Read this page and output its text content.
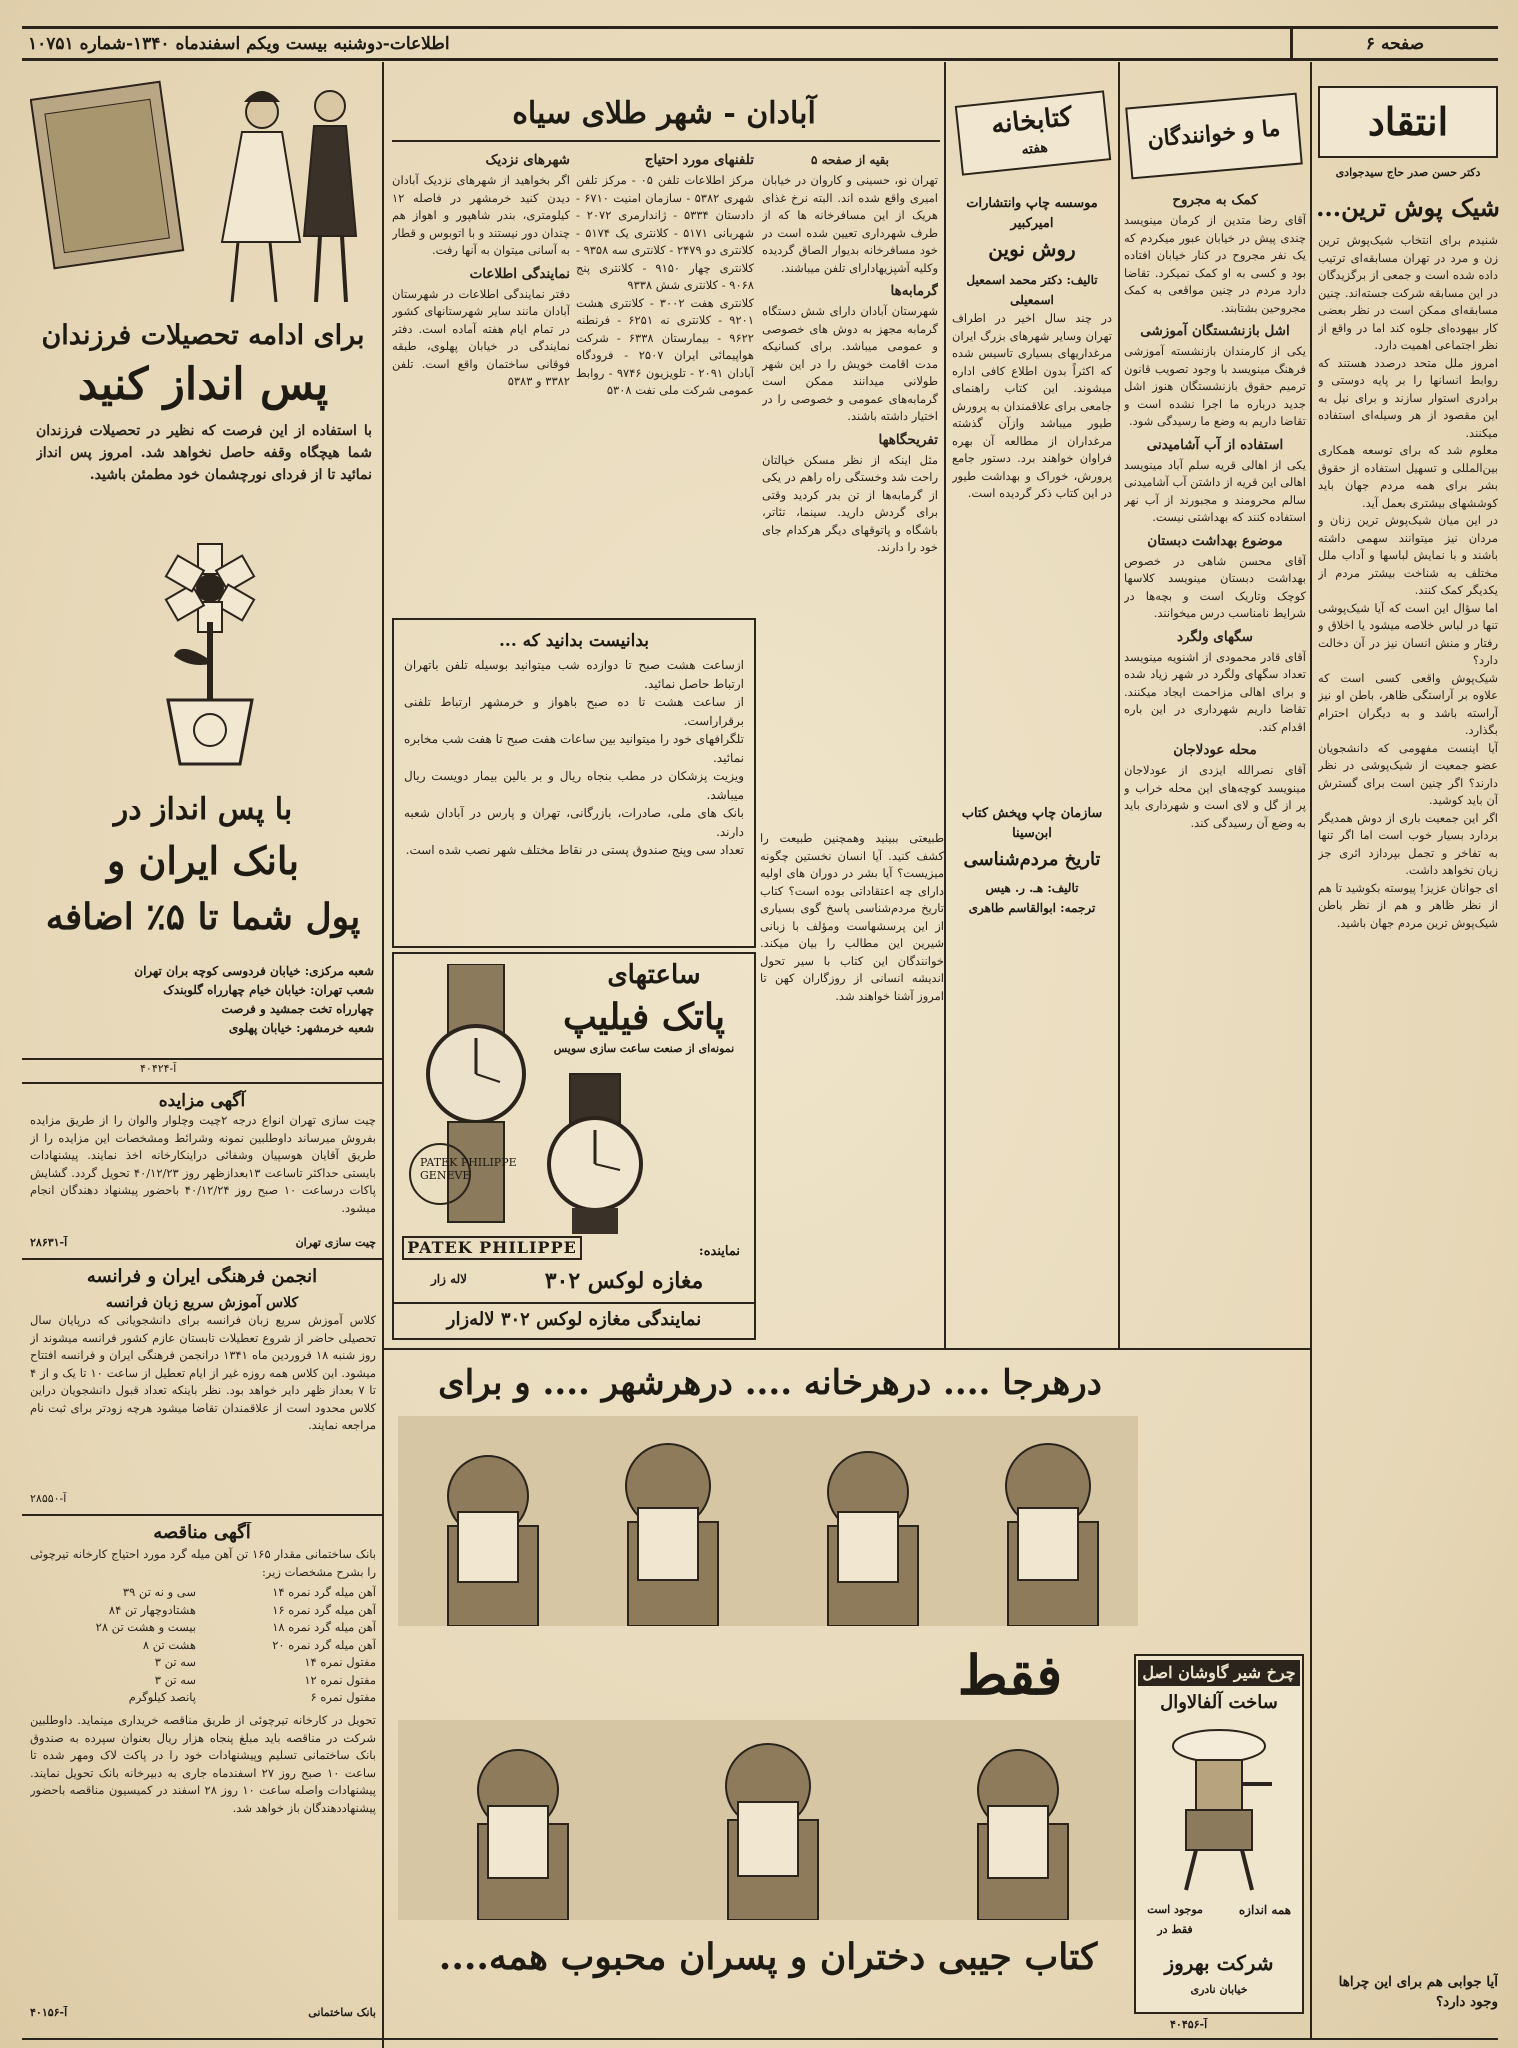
اطلاعات-دوشنبه بیست ویکم اسفندماه ۱۳۴۰-شماره ۱۰۷۵۱	صفحه ۶
برای ادامه تحصیلات فرزندان
پس انداز کنید
با استفاده از این فرصت که نظیر در تحصیلات فرزندان شما هیچگاه وقفه حاصل نخواهد شد. امروز پس انداز نمائید تا از فردای نورچشمان خود مطمئن باشید.
با پس انداز در
بانک ایران و
پول شما تا ۵٪ اضافه
شعبه مرکزی: خیابان فردوسی کوچه بران تهران
شعب تهران: خیابان خیام چهارراه گلوبندک
چهارراه تخت جمشید و فرصت
شعبه خرمشهر: خیابان پهلوی
آ-۴۰۴۲۴
آگهی مزایده
چیت سازی تهران انواع درجه ۲چیت وچلوار والوان را از طریق مزایده بفروش میرساند داوطلبین نمونه وشرائط ومشخصات این مزایده را از طریق آقایان هوسپیان وشفائی دراینکارخانه اخذ نمایند. پیشنهادات بایستی حداکثر تاساعت ۱۳بعدازظهر روز ۴۰/۱۲/۲۳ تحویل گردد. گشایش پاکات درساعت ۱۰ صبح روز ۴۰/۱۲/۲۴ باحضور پیشنهاد دهندگان انجام میشود.
چیت سازی تهران
آ-۲۸۶۳۱
انجمن فرهنگی ایران و فرانسه
کلاس آموزش سریع زبان فرانسه
کلاس آموزش سریع زبان فرانسه برای دانشجویانی که درپایان سال تحصیلی حاضر از شروع تعطیلات تابستان عازم کشور فرانسه میشوند از روز شنبه ۱۸ فروردین ماه ۱۳۴۱ درانجمن فرهنگی ایران و فرانسه افتتاح میشود. این کلاس همه روزه غیر از ایام تعطیل از ساعت ۱۰ تا یک و از ۴ تا ۷ بعداز ظهر دایر خواهد بود. نظر باینکه تعداد قبول دانشجویان دراین کلاس محدود است از علاقمندان تقاضا میشود هرچه زودتر برای ثبت نام مراجعه نمایند.
آ-۲۸۵۵۰
آگهی مناقصه
بانک ساختمانی مقدار ۱۶۵ تن آهن میله گرد مورد احتیاج کارخانه تیرچوئی را بشرح مشخصات زیر:
آهن میله گرد نمره ۱۴
آهن میله گرد نمره ۱۶
آهن میله گرد نمره ۱۸
آهن میله گرد نمره ۲۰
مفتول نمره ۱۴
مفتول نمره ۱۲
مفتول نمره ۶
سی و نه تن ۳۹
هشتادوچهار تن ۸۴
بیست و هشت تن ۲۸
هشت تن ۸
سه تن ۳
سه تن ۳
پانصد کیلوگرم
تحویل در کارخانه تیرچوئی از طریق مناقصه خریداری مینماید. داوطلبین شرکت در مناقصه باید مبلغ پنجاه هزار ریال بعنوان سپرده به صندوق بانک ساختمانی تسلیم وپیشنهادات خود را در پاکت لاک ومهر شده تا ساعت ۱۰ صبح روز ۲۷ اسفندماه جاری به دبیرخانه بانک تحویل نمایند. پیشنهادات واصله ساعت ۱۰ روز ۲۸ اسفند در کمیسیون مناقصه باحضور پیشنهاددهندگان باز خواهد شد.
بانک ساختمانی
آ-۴۰۱۵۶
آبادان - شهر طلای سیاه
بقیه از صفحه ۵
تهران نو، حسینی و کاروان در خیابان امیری واقع شده اند. البته نرخ غذای هریک از این مسافرخانه ها که از طرف شهرداری تعیین شده است در خود مسافرخانه بدیوار الصاق گردیده وکلیه آشپزیهادارای تلفن میباشند.
گرمابه‌ها
شهرستان آبادان دارای شش دستگاه گرمابه مجهز به دوش های خصوصی و عمومی میباشد. برای کسانیکه مدت اقامت خویش را در این شهر طولانی میدانند ممکن است گرمابه‌های عمومی و خصوصی را در اختیار داشته باشند.
تفریحگاهها
مثل اینکه از نظر مسکن خیالتان راحت شد وخستگی راه راهم در یکی از گرمابه‌ها از تن بدر کردید وقتی برای گردش دارید. سینما، تئاتر، باشگاه و پاتوقهای دیگر هرکدام جای خود را دارند.
تلفنهای مورد احتیاج
مرکز اطلاعات تلفن ۰۵ - مرکز تلفن شهری ۵۳۸۲ - سازمان امنیت ۶۷۱۰ - دادستان ۵۳۳۴ - ژاندارمری ۲۰۷۲ - شهربانی ۵۱۷۱ - کلانتری یک ۵۱۷۴ - کلانتری دو ۲۴۷۹ - کلانتری سه ۹۳۵۸ - کلانتری چهار ۹۱۵۰ - کلانتری پنج ۹۰۶۸ - کلانتری شش ۹۳۳۸
کلانتری هفت ۳۰۰۲ - کلانتری هشت ۹۲۰۱ - کلانتری نه ۶۲۵۱ - فرنطنه ۹۶۲۲ - بیمارستان ۶۳۳۸ - شرکت هواپیمائی ایران ۲۵۰۷ - فرودگاه آبادان ۲۰۹۱ - تلویزیون ۹۷۴۶ - روابط عمومی شرکت ملی نفت ۵۳۰۸
شهرهای نزدیک
اگر بخواهید از شهرهای نزدیک آبادان دیدن کنید خرمشهر در فاصله ۱۲ کیلومتری، بندر شاهپور و اهواز هم چندان دور نیستند و با اتوبوس و قطار به آسانی میتوان به آنها رفت.
نمایندگی اطلاعات
دفتر نمایندگی اطلاعات در شهرستان آبادان مانند سایر شهرستانهای کشور در تمام ایام هفته آماده است. دفتر نمایندگی در خیابان پهلوی، طبقه فوقانی ساختمان واقع است. تلفن ۳۳۸۲ و ۵۳۸۳
بدانیست بدانید که ...
ازساعت هشت صبح تا دوازده شب میتوانید بوسیله تلفن باتهران ارتباط حاصل نمائید.
از ساعت هشت تا ده صبح باهواز و خرمشهر ارتباط تلفنی برقراراست.
تلگرافهای خود را میتوانید بین ساعات هفت صبح تا هفت شب مخابره نمائید.
ویزیت پزشکان در مطب بنجاه ریال و بر بالین بیمار دویست ریال میباشد.
بانک های ملی، صادرات، بازرگانی، تهران و پارس در آبادان شعبه دارند.
تعداد سی وپنج صندوق پستی در نقاط مختلف شهر نصب شده است.
ساعتهای
پاتک فیلیپ
نمونه‌ای از صنعت ساعت سازی سویس
PATEK PHILIPPE
GENEVE
PATEK PHILIPPE	نماینده:
مغازه لوکس ۳۰۲
لاله زار
نمایندگی مغازه لوکس ۳۰۲ لاله‌زار
کتابخانه
هفته
موسسه چاپ وانتشارات امیرکبیر
روش نوین
تالیف: دکتر محمد اسمعیل اسمعیلی
در چند سال اخیر در اطراف تهران وسایر شهرهای بزرگ ایران مرغداریهای بسیاری تاسیس شده که اکثراً بدون اطلاع کافی اداره میشوند. این کتاب راهنمای جامعی برای علاقمندان به پرورش طیور میباشد وازآن گذشته مرغداران از مطالعه آن بهره فراوان خواهند برد. دستور جامع پرورش، خوراک و بهداشت طیور در این کتاب ذکر گردیده است.
سازمان چاپ وپخش کتاب ابن‌سینا
تاریخ مردم‌شناسی
تالیف: هـ. ر. هیس
ترجمه: ابوالقاسم طاهری
طبیعتی ببینید وهمچنین طبیعت را کشف کنید. آیا انسان نخستین چگونه میزیست؟ آیا بشر در دوران های اولیه دارای چه اعتقاداتی بوده است؟ کتاب تاریخ مردم‌شناسی پاسخ گوی بسیاری از این پرسشهاست ومؤلف با زبانی شیرین این مطالب را بیان میکند. خوانندگان این کتاب با سیر تحول اندیشه انسانی از روزگاران کهن تا امروز آشنا خواهند شد.
ما و خوانندگان
کمک به مجروح
آقای رضا متدین از کرمان مینویسد چندی پیش در خیابان عبور میکردم که یک نفر مجروح در کنار خیابان افتاده بود و کسی به او کمک نمیکرد. تقاضا دارد مردم در چنین مواقعی به کمک مجروحین بشتابند.
اشل بازنشستگان آموزشی
یکی از کارمندان بازنشسته آموزشی فرهنگ مینویسد با وجود تصویب قانون ترمیم حقوق بازنشستگان هنوز اشل جدید درباره ما اجرا نشده است و تقاضا داریم به وضع ما رسیدگی شود.
استفاده از آب آشامیدنی
یکی از اهالی قریه سلم آباد مینویسد اهالی این قریه از داشتن آب آشامیدنی سالم محرومند و مجبورند از آب نهر استفاده کنند که بهداشتی نیست.
موضوع بهداشت دبستان
آقای محسن شاهی در خصوص بهداشت دبستان مینویسد کلاسها کوچک وتاریک است و بچه‌ها در شرایط نامناسب درس میخوانند.
سگهای ولگرد
آقای قادر محمودی از اشنویه مینویسد تعداد سگهای ولگرد در شهر زیاد شده و برای اهالی مزاحمت ایجاد میکنند. تقاضا داریم شهرداری در این باره اقدام کند.
محله عودلاجان
آقای نصرالله ایزدی از عودلاجان مینویسد کوچه‌های این محله خراب و پر از گل و لای است و شهرداری باید به وضع آن رسیدگی کند.
انتقاد
دکتر حسن صدر حاج سیدجوادی
شیک پوش ترین...

شنیدم برای انتخاب شیک‌پوش ترین زن و مرد در تهران مسابقه‌ای ترتیب داده شده است و جمعی از برگزیدگان در این مسابقه شرکت جسته‌اند. چنین مسابقه‌ای ممکن است در نظر بعضی کار بیهوده‌ای جلوه کند اما در واقع از نظر اجتماعی اهمیت دارد.

امروز ملل متحد درصدد هستند که روابط انسانها را بر پایه دوستی و برادری استوار سازند و برای نیل به این مقصود از هر وسیله‌ای استفاده میکنند.

معلوم شد که برای توسعه همکاری بین‌المللی و تسهیل استفاده از حقوق بشر برای همه مردم جهان باید کوششهای بیشتری بعمل آید.

در این میان شیک‌پوش ترین زنان و مردان نیز میتوانند سهمی داشته باشند و با نمایش لباسها و آداب ملل مختلف به شناخت بیشتر مردم از یکدیگر کمک کنند.

اما سؤال این است که آیا شیک‌پوشی تنها در لباس خلاصه میشود یا اخلاق و رفتار و منش انسان نیز در آن دخالت دارد؟

شیک‌پوش واقعی کسی است که علاوه بر آراستگی ظاهر، باطن او نیز آراسته باشد و به دیگران احترام بگذارد.

آیا اینست مفهومی که دانشجویان عضو جمعیت از شیک‌پوشی در نظر دارند؟ اگر چنین است برای گسترش آن باید کوشید.

اگر این جمعیت باری از دوش همدیگر بردارد بسیار خوب است اما اگر تنها به تفاخر و تجمل بپردازد اثری جز زیان نخواهد داشت.

ای جوانان عزیز! پیوسته بکوشید تا هم از نظر ظاهر و هم از نظر باطن شیک‌پوش ترین مردم جهان باشید.

آیا جوابی هم برای این چراها وجود دارد؟
درهرجا .... درهرخانه .... درهرشهر .... و برای
فقط
کتاب جیبی دختران و پسران محبوب همه....
چرخ شیر گاوشان اصل
ساخت آلفالاوال
همه اندازه
موجود است
فقط در
شرکت بهروز
خیابان نادری
آ-۴۰۴۵۶
